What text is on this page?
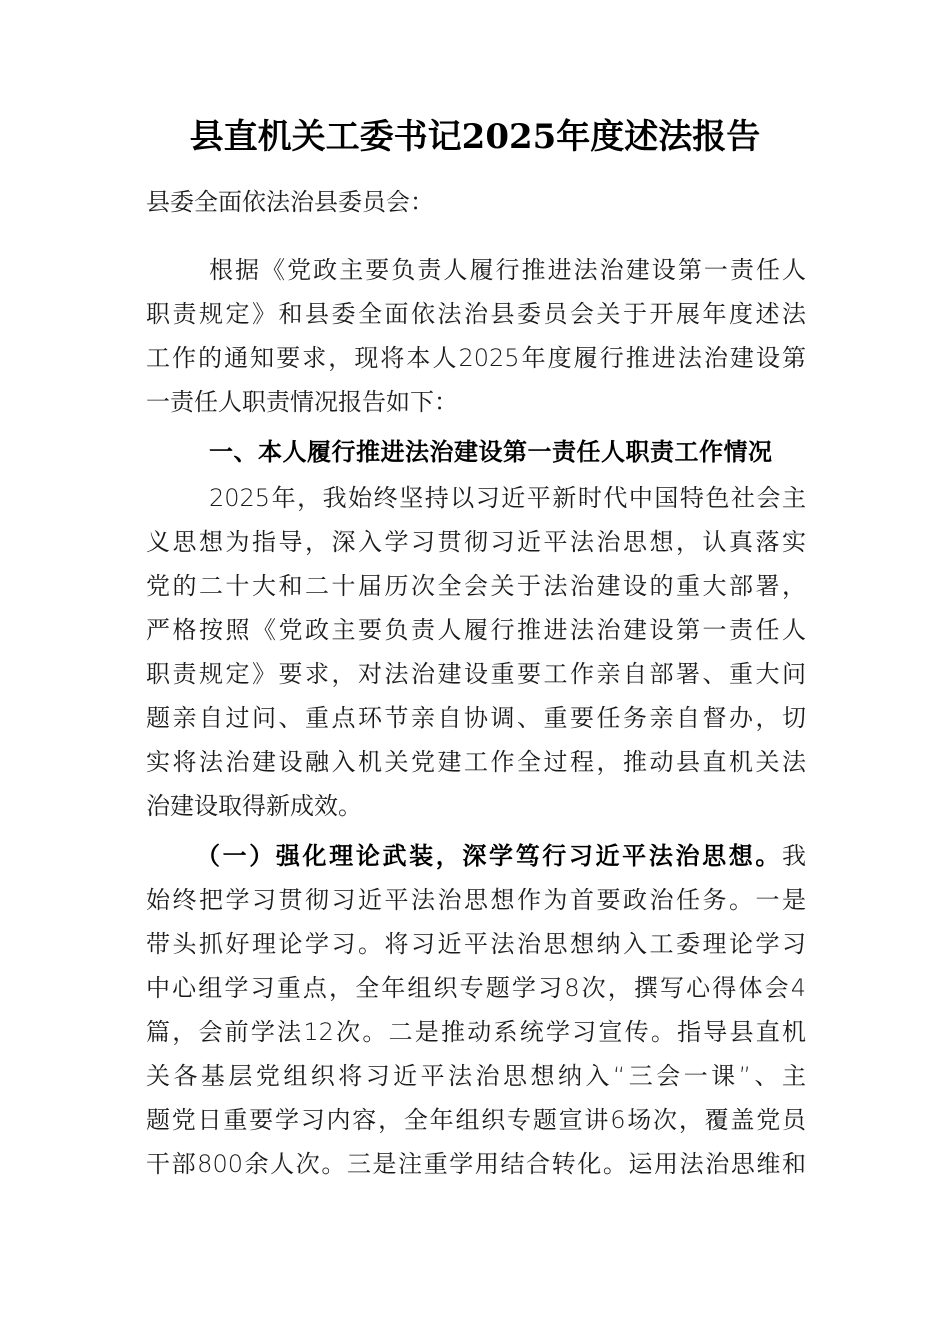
县直机关工委书记2025年度述法报告
县委全面依法治县委员会：
根据《党政主要负责人履行推进法治建设第一责任人
职责规定》和县委全面依法治县委员会关于开展年度述法
工作的通知要求，现将本人2025年度履行推进法治建设第
一责任人职责情况报告如下：
一、本人履行推进法治建设第一责任人职责工作情况
2025年，我始终坚持以习近平新时代中国特色社会主
义思想为指导，深入学习贯彻习近平法治思想，认真落实
党的二十大和二十届历次全会关于法治建设的重大部署，
严格按照《党政主要负责人履行推进法治建设第一责任人
职责规定》要求，对法治建设重要工作亲自部署、重大问
题亲自过问、重点环节亲自协调、重要任务亲自督办，切
实将法治建设融入机关党建工作全过程，推动县直机关法
治建设取得新成效。
（一）强化理论武装，深学笃行习近平法治思想。我
始终把学习贯彻习近平法治思想作为首要政治任务。一是
带头抓好理论学习。将习近平法治思想纳入工委理论学习
中心组学习重点，全年组织专题学习8次，撰写心得体会4
篇，会前学法12次。二是推动系统学习宣传。指导县直机
关各基层党组织将习近平法治思想纳入“三会一课”、主
题党日重要学习内容，全年组织专题宣讲6场次，覆盖党员
干部800余人次。三是注重学用结合转化。运用法治思维和
